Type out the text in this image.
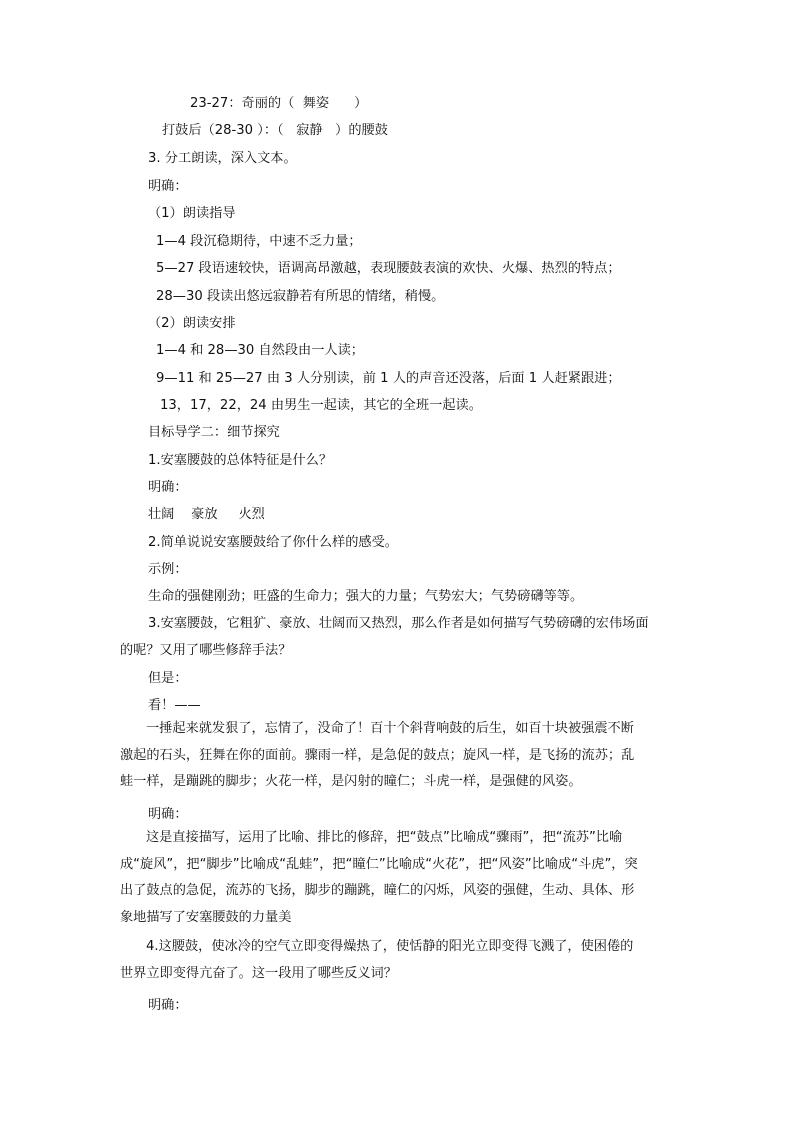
23-27：奇丽的（  舞姿      ）
打鼓后（28-30 ）：（   寂静   ）的腰鼓
3. 分工朗读，深入文本。
明确：
（1）朗读指导
1—4 段沉稳期待，中速不乏力量；
5—27 段语速较快，语调高昂激越，表现腰鼓表演的欢快、火爆、热烈的特点；
28—30 段读出悠远寂静若有所思的情绪，稍慢。
（2）朗读安排
1—4 和 28—30 自然段由一人读；
9—11 和 25—27 由 3 人分别读，前 1 人的声音还没落，后面 1 人赶紧跟进；
13，17，22，24 由男生一起读，其它的全班一起读。
目标导学二：细节探究
1.安塞腰鼓的总体特征是什么？
明确：
壮阔    豪放     火烈
2.简单说说安塞腰鼓给了你什么样的感受。
示例：
生命的强健刚劲；旺盛的生命力；强大的力量；气势宏大；气势磅礴等等。
3.安塞腰鼓，它粗犷、豪放、壮阔而又热烈，那么作者是如何描写气势磅礴的宏伟场面
的呢？又用了哪些修辞手法？
但是：
看！——
一捶起来就发狠了，忘情了，没命了！百十个斜背响鼓的后生，如百十块被强震不断激起的石头，狂舞在你的面前。骤雨一样，是急促的鼓点；旋风一样，是飞扬的流苏；乱蛙一样，是蹦跳的脚步；火花一样，是闪射的瞳仁；斗虎一样，是强健的风姿。
明确：
这是直接描写，运用了比喻、排比的修辞，把“鼓点”比喻成“骤雨”，把“流苏”比喻成“旋风”，把“脚步”比喻成“乱蛙”，把“瞳仁”比喻成“火花”，把“风姿”比喻成“斗虎”，突出了鼓点的急促，流苏的飞扬，脚步的蹦跳，瞳仁的闪烁，风姿的强健，生动、具体、形象地描写了安塞腰鼓的力量美
4.这腰鼓，使冰冷的空气立即变得燥热了，使恬静的阳光立即变得飞溅了，使困倦的世界立即变得亢奋了。这一段用了哪些反义词？
明确：
